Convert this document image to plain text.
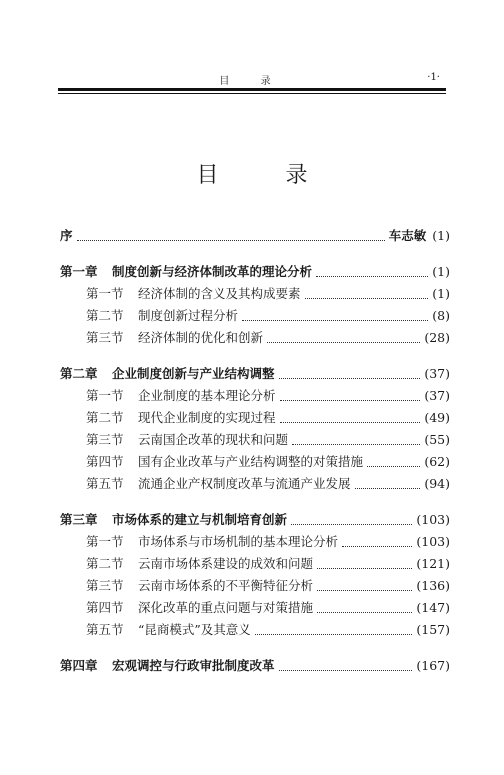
目 录	·1·
目 录
序	车志敏 (1)
第一章 制度创新与经济体制改革的理论分析	(1)
第一节 经济体制的含义及其构成要素	(1)
第二节 制度创新过程分析	(8)
第三节 经济体制的优化和创新	(28)
第二章 企业制度创新与产业结构调整	(37)
第一节 企业制度的基本理论分析	(37)
第二节 现代企业制度的实现过程	(49)
第三节 云南国企改革的现状和问题	(55)
第四节 国有企业改革与产业结构调整的对策措施	(62)
第五节 流通企业产权制度改革与流通产业发展	(94)
第三章 市场体系的建立与机制培育创新	(103)
第一节 市场体系与市场机制的基本理论分析	(103)
第二节 云南市场体系建设的成效和问题	(121)
第三节 云南市场体系的不平衡特征分析	(136)
第四节 深化改革的重点问题与对策措施	(147)
第五节 “昆商模式”及其意义	(157)
第四章 宏观调控与行政审批制度改革	(167)
